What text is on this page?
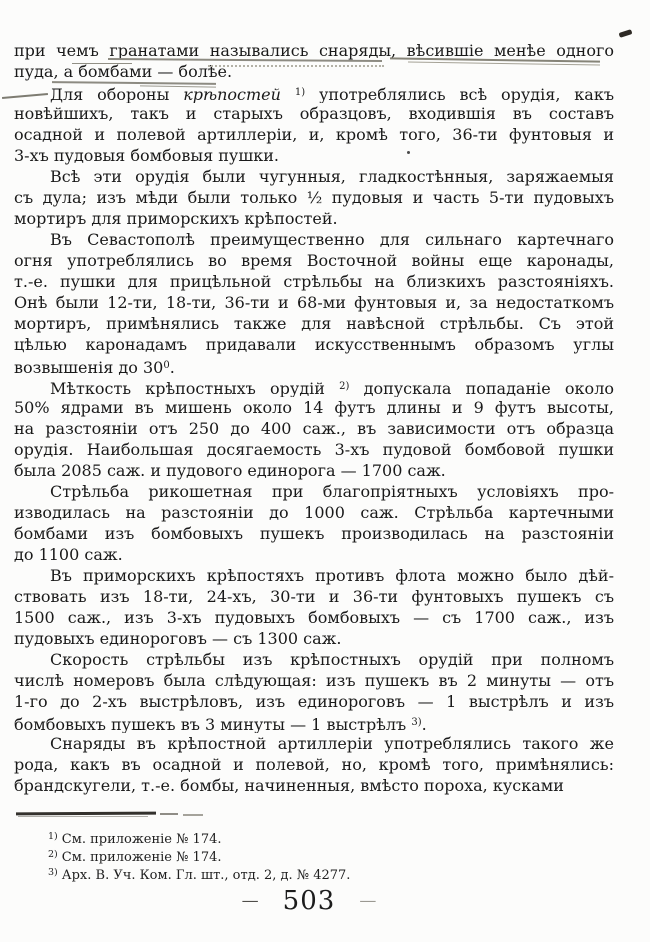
при чемъ гранатами назывались снаряды, вѣсившіе менѣе одного
пуда, а бомбами — болѣе.
Для обороны крѣпостей $^{1)}$ употреблялись всѣ орудія, какъ
новѣйшихъ, такъ и старыхъ образцовъ, входившія въ составъ
осадной и полевой артиллеріи, и, кромѣ того, 36-ти фунтовыя и
3-хъ пудовыя бомбовыя пушки.
Всѣ эти орудія были чугунныя, гладкостѣнныя, заряжаемыя
съ дула; изъ мѣди были только ½ пудовыя и часть 5-ти пудовыхъ
мортиръ для приморскихъ крѣпостей.
Въ Севастополѣ преимущественно для сильнаго картечнаго
огня употреблялись во время Восточной войны еще каронады,
т.-е. пушки для прицѣльной стрѣльбы на близкихъ разстояніяхъ.
Онѣ были 12-ти, 18-ти, 36-ти и 68-ми фунтовыя и, за недостаткомъ
мортиръ, примѣнялись также для навѣсной стрѣльбы. Съ этой
цѣлью каронадамъ придавали искусственнымъ образомъ углы
возвышенія до $30^0$.
Мѣткость крѣпостныхъ орудій $^{2)}$ допускала попаданіе около
50% ядрами въ мишень около 14 футъ длины и 9 футъ высоты,
на разстояніи отъ 250 до 400 саж., въ зависимости отъ образца
орудія. Наибольшая досягаемость 3-хъ пудовой бомбовой пушки
была 2085 саж. и пудового единорога — 1700 саж.
Стрѣльба рикошетная при благопріятныхъ условіяхъ про-
изводилась на разстояніи до 1000 саж. Стрѣльба картечными
бомбами изъ бомбовыхъ пушекъ производилась на разстояніи
до 1100 саж.
Въ приморскихъ крѣпостяхъ противъ флота можно было дѣй-
ствовать изъ 18-ти, 24-хъ, 30-ти и 36-ти фунтовыхъ пушекъ съ
1500 саж., изъ 3-хъ пудовыхъ бомбовыхъ — съ 1700 саж., изъ
пудовыхъ единороговъ — съ 1300 саж.
Скорость стрѣльбы изъ крѣпостныхъ орудій при полномъ
числѣ номеровъ была слѣдующая: изъ пушекъ въ 2 минуты — отъ
1-го до 2-хъ выстрѣловъ, изъ единороговъ — 1 выстрѣлъ и изъ
бомбовыхъ пушекъ въ 3 минуты — 1 выстрѣлъ $^{3)}$.
Снаряды въ крѣпостной артиллеріи употреблялись такого же
рода, какъ въ осадной и полевой, но, кромѣ того, примѣнялись:
брандскугели, т.-е. бомбы, начиненныя, вмѣсто пороха, кусками
$^{1)}$ См. приложеніе № 174.
$^{2)}$ См. приложеніе № 174.
$^{3)}$ Арх. В. Уч. Ком. Гл. шт., отд. 2, д. № 4277.
— 503 —
